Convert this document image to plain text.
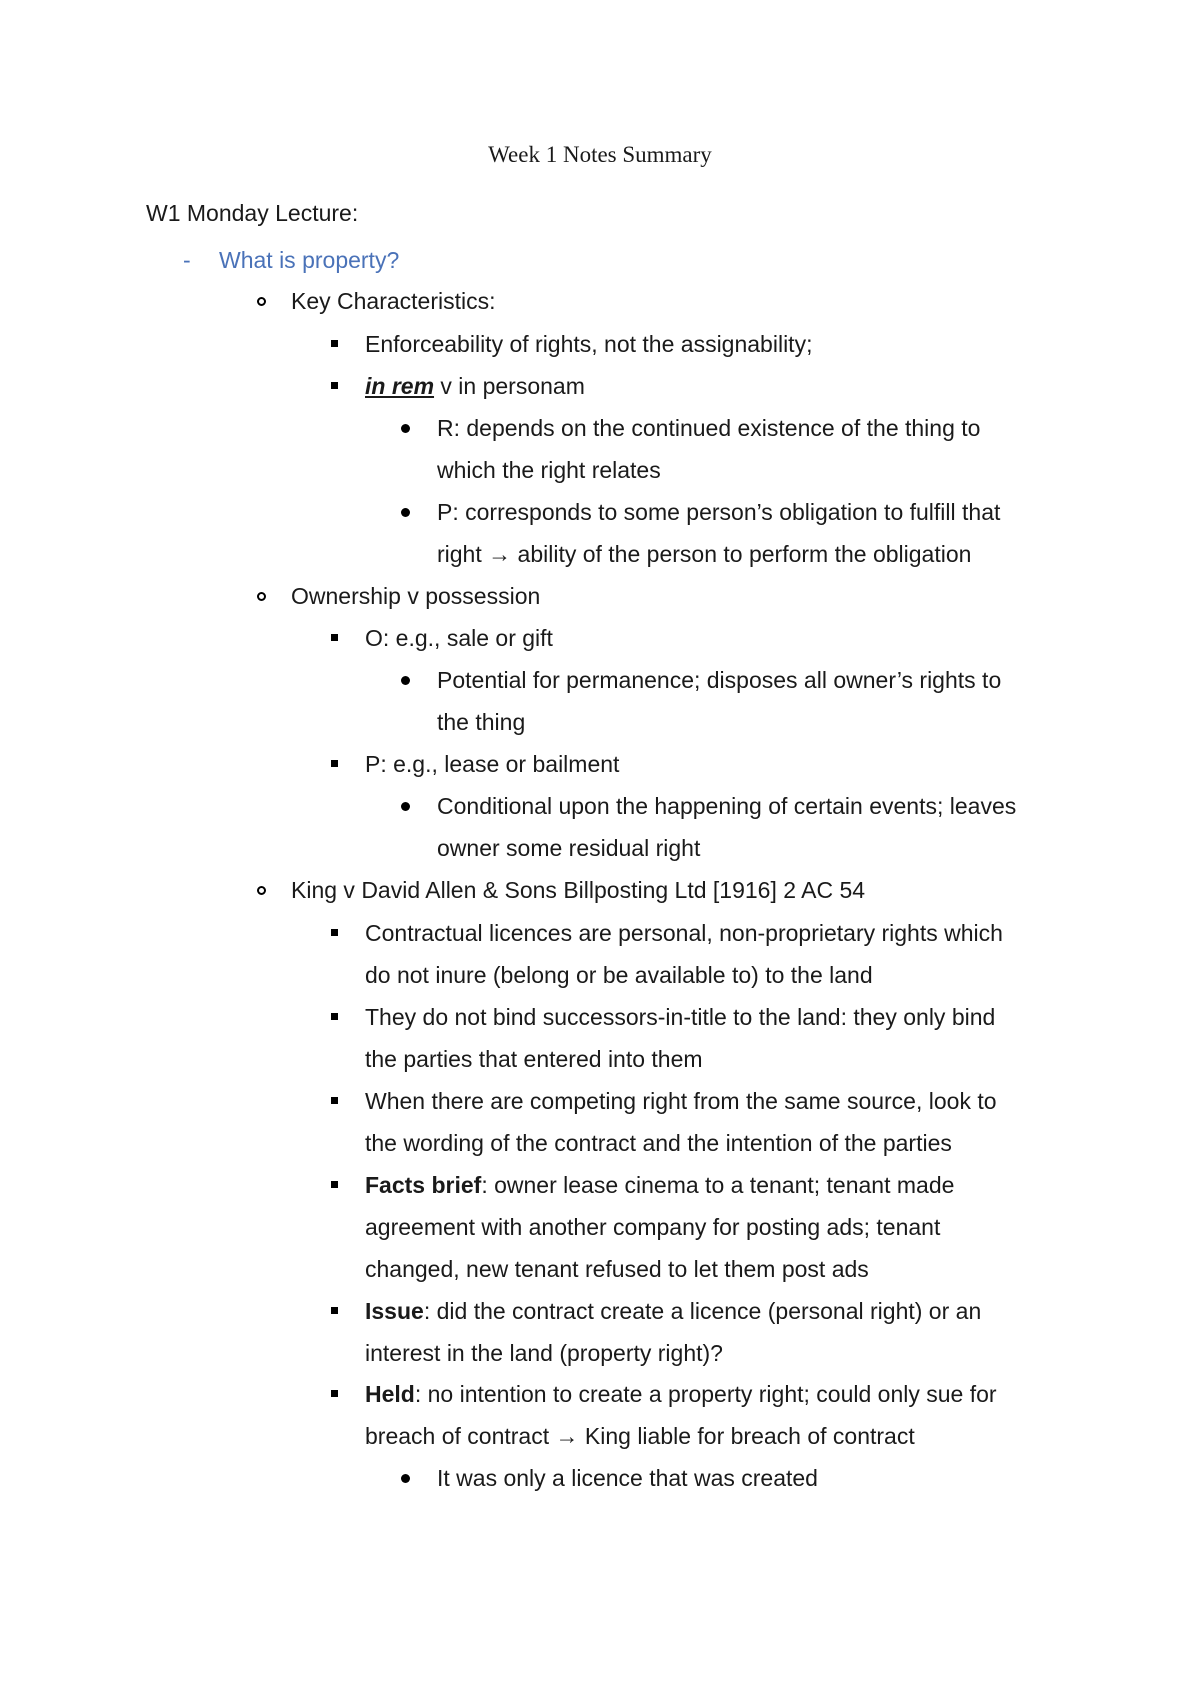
Week 1 Notes Summary
W1 Monday Lecture:
- What is property?
Key Characteristics:
Enforceability of rights, not the assignability;
in rem v in personam
R: depends on the continued existence of the thing to
which the right relates
P: corresponds to some person’s obligation to fulfill that
right → ability of the person to perform the obligation
Ownership v possession
O: e.g., sale or gift
Potential for permanence; disposes all owner’s rights to
the thing
P: e.g., lease or bailment
Conditional upon the happening of certain events; leaves
owner some residual right
King v David Allen & Sons Billposting Ltd [1916] 2 AC 54
Contractual licences are personal, non-proprietary rights which
do not inure (belong or be available to) to the land
They do not bind successors-in-title to the land: they only bind
the parties that entered into them
When there are competing right from the same source, look to
the wording of the contract and the intention of the parties
Facts brief: owner lease cinema to a tenant; tenant made
agreement with another company for posting ads; tenant
changed, new tenant refused to let them post ads
Issue: did the contract create a licence (personal right) or an
interest in the land (property right)?
Held: no intention to create a property right; could only sue for
breach of contract → King liable for breach of contract
It was only a licence that was created
